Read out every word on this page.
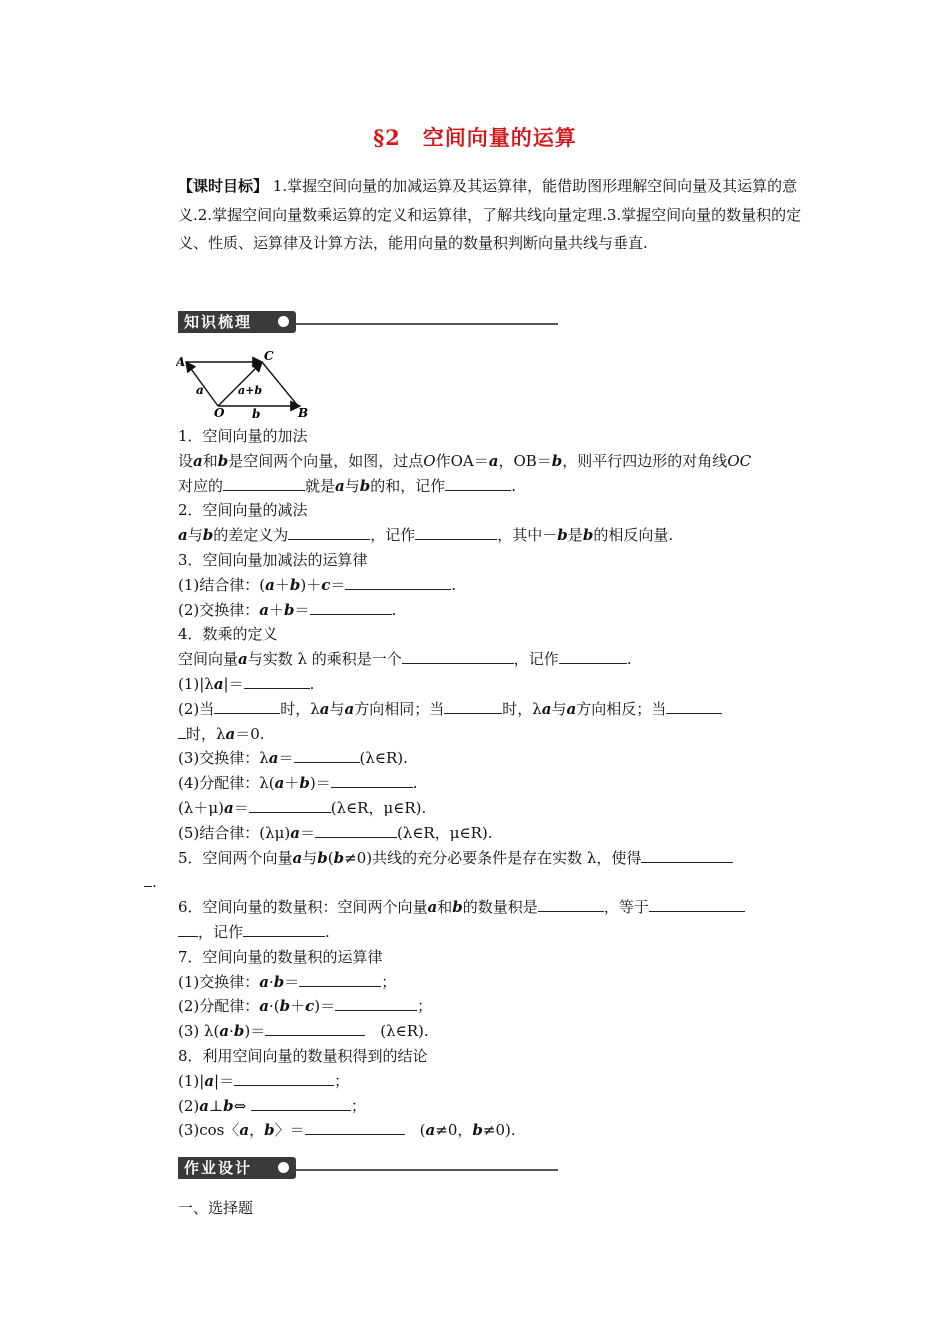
§2　空间向量的运算
【课时目标】 1.掌握空间向量的加减运算及其运算律，能借助图形理解空间向量及其运算的意义.2.掌握空间向量数乘运算的定义和运算律，了解共线向量定理.3.掌握空间向量的数量积的定义、性质、运算律及计算方法，能用向量的数量积判断向量共线与垂直.
知识梳理
A	C
O	B
a
b
a+b
1．空间向量的加法
设a和b是空间两个向量，如图，过点O作OA＝a，OB＝b，则平行四边形的对角线OC
对应的	就是a与b的和，记作	.
2．空间向量的减法
a与b的差定义为	，记作	，其中－b是b的相反向量.
3．空间向量加减法的运算律
(1)结合律：(a＋b)＋c＝	.
(2)交换律：a＋b＝	.
4．数乘的定义
空间向量a与实数 λ 的乘积是一个	，记作	.
(1)|λa|＝	.
(2)当	时，λa与a方向相同；当	时，λa与a方向相反；当
时，λa＝0.
(3)交换律：λa＝	(λ∈R).
(4)分配律：λ(a＋b)＝	.
(λ＋μ)a＝	(λ∈R，μ∈R).
(5)结合律：(λμ)a＝	(λ∈R，μ∈R).
5．空间两个向量a与b(b≠0)共线的充分必要条件是存在实数 λ，使得
.
6．空间向量的数量积：空间两个向量a和b的数量积是	，等于
，记作	.
7．空间向量的数量积的运算律
(1)交换律：a·b＝	；
(2)分配律：a·(b＋c)＝	；
(3) λ(a·b)＝	　(λ∈R).
8．利用空间向量的数量积得到的结论
(1)|a|＝	；
(2)a⊥b⇔	；
(3)cos〈a，b〉＝	　(a≠0，b≠0).
作业设计
一、选择题
